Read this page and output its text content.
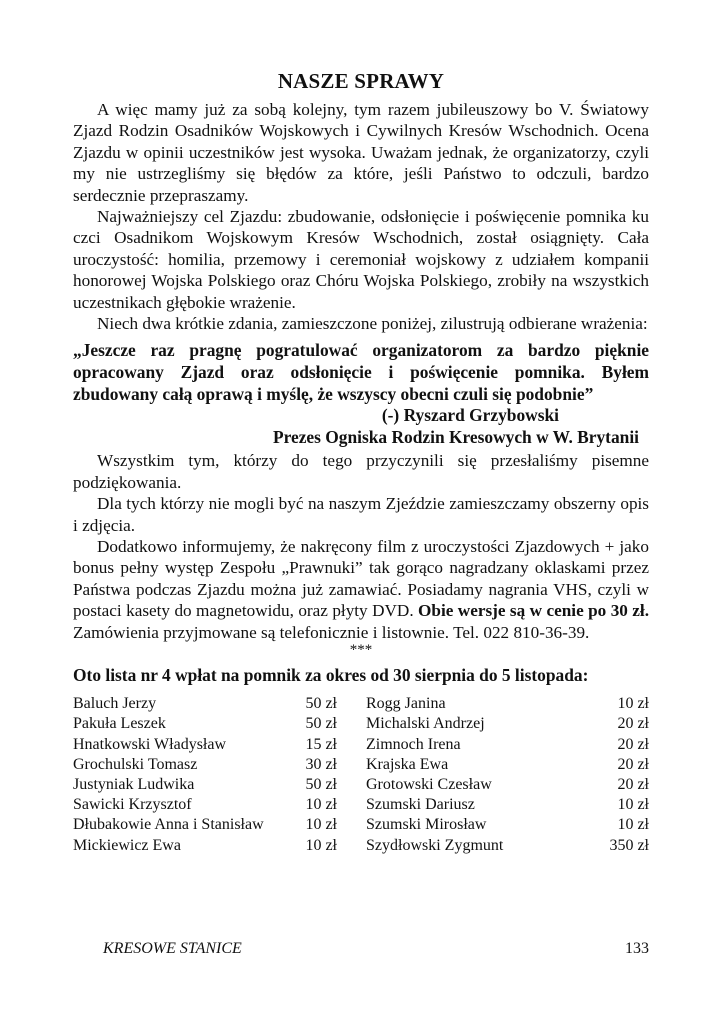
NASZE SPRAWY

A więc mamy już za sobą kolejny, tym razem jubileuszowy bo V. Światowy Zjazd Rodzin Osadników Wojskowych i Cywilnych Kresów Wschodnich. Ocena Zjazdu w opinii uczestników jest wysoka. Uważam jednak, że organizatorzy, czyli my nie ustrzegliśmy się błędów za które, jeśli Państwo to odczuli, bardzo serdecznie przepraszamy.

Najważniejszy cel Zjazdu: zbudowanie, odsłonięcie i poświęcenie pomnika ku czci Osadnikom Wojskowym Kresów Wschodnich, został osiągnięty. Cała uroczystość: homilia, przemowy i ceremoniał wojskowy z udziałem kompanii honorowej Wojska Polskiego oraz Chóru Wojska Polskiego, zrobiły na wszystkich uczestnikach głębokie wrażenie.

Niech dwa krótkie zdania, zamieszczone poniżej, zilustrują odbierane wrażenia:

„Jeszcze raz pragnę pogratulować organizatorom za bardzo pięknie opracowany Zjazd oraz odsłonięcie i poświęcenie pomnika. Byłem zbudowany całą oprawą i myślę, że wszyscy obecni czuli się podobnie”
(-) Ryszard Grzybowski
Prezes Ogniska Rodzin Kresowych w W. Brytanii

Wszystkim tym, którzy do tego przyczynili się przesłaliśmy pisemne podziękowania.

Dla tych którzy nie mogli być na naszym Zjeździe zamieszczamy obszerny opis i zdjęcia.

Dodatkowo informujemy, że nakręcony film z uroczystości Zjazdowych + jako bonus pełny występ Zespołu „Prawnuki” tak gorąco nagradzany oklaskami przez Państwa podczas Zjazdu można już zamawiać. Posiadamy nagrania VHS, czyli w postaci kasety do magnetowidu, oraz płyty DVD. Obie wersje są w cenie po 30 zł. Zamówienia przyjmowane są telefonicznie i listownie. Tel. 022 810-36-39.

***
Oto lista nr 4 wpłat na pomnik za okres od 30 sierpnia do 5 listopada:
Baluch Jerzy	50 zł
Pakuła Leszek	50 zł
Hnatkowski Władysław	15 zł
Grochulski Tomasz	30 zł
Justyniak Ludwika	50 zł
Sawicki Krzysztof	10 zł
Dłubakowie Anna i Stanisław	10 zł
Mickiewicz Ewa	10 zł
Rogg Janina	10 zł
Michalski Andrzej	20 zł
Zimnoch Irena	20 zł
Krajska Ewa	20 zł
Grotowski Czesław	20 zł
Szumski Dariusz	10 zł
Szumski Mirosław	10 zł
Szydłowski Zygmunt	350 zł
KRESOWE STANICE	133
